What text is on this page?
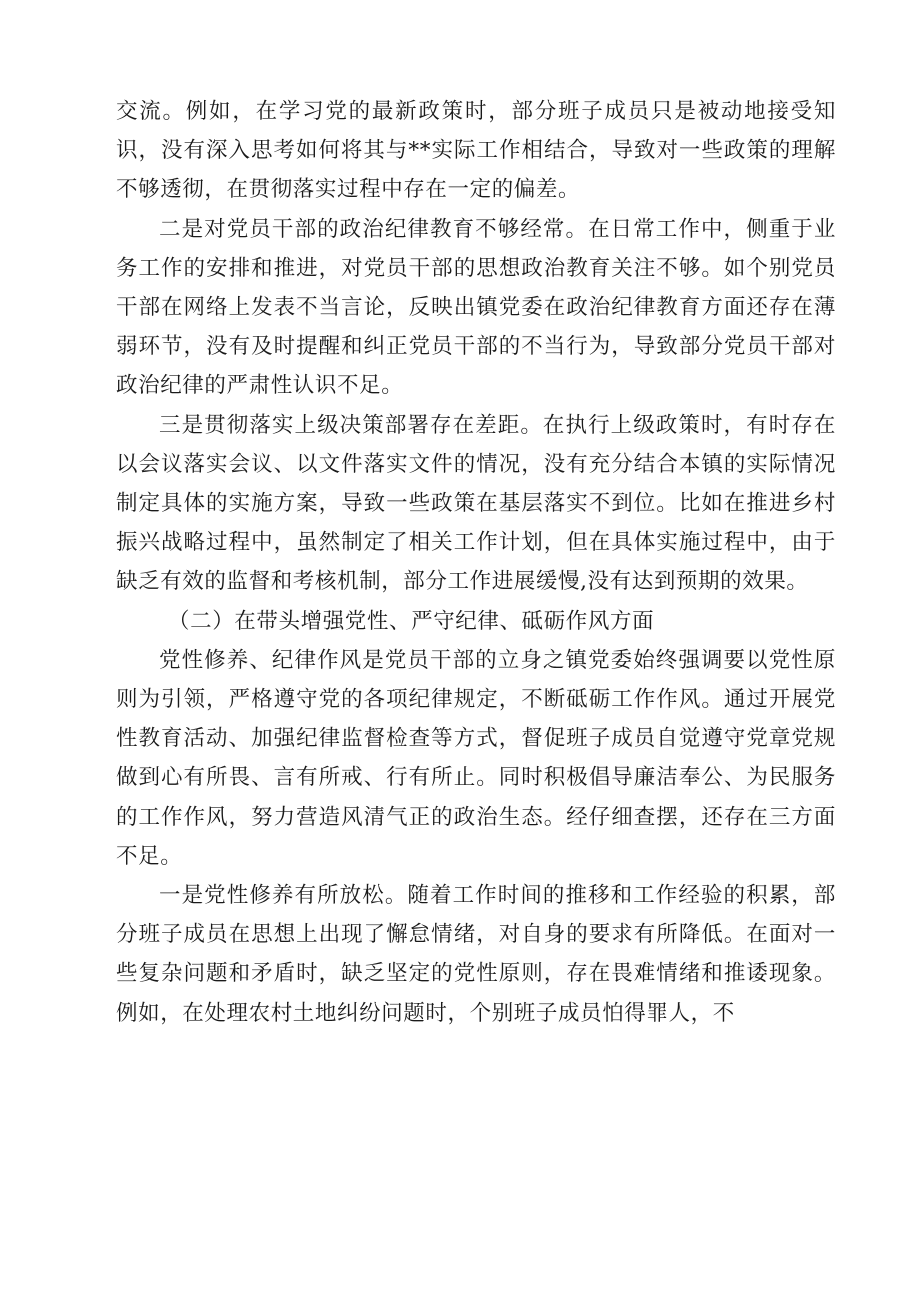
交流。例如，在学习党的最新政策时，部分班子成员只是被动地接受知识，没有深入思考如何将其与**实际工作相结合，导致对一些政策的理解不够透彻，在贯彻落实过程中存在一定的偏差。

二是对党员干部的政治纪律教育不够经常。在日常工作中，侧重于业务工作的安排和推进，对党员干部的思想政治教育关注不够。如个别党员干部在网络上发表不当言论，反映出镇党委在政治纪律教育方面还存在薄弱环节，没有及时提醒和纠正党员干部的不当行为，导致部分党员干部对政治纪律的严肃性认识不足。

三是贯彻落实上级决策部署存在差距。在执行上级政策时，有时存在以会议落实会议、以文件落实文件的情况，没有充分结合本镇的实际情况制定具体的实施方案，导致一些政策在基层落实不到位。比如在推进乡村振兴战略过程中，虽然制定了相关工作计划，但在具体实施过程中，由于缺乏有效的监督和考核机制，部分工作进展缓慢,没有达到预期的效果。

（二）在带头增强党性、严守纪律、砥砺作风方面

党性修养、纪律作风是党员干部的立身之镇党委始终强调要以党性原则为引领，严格遵守党的各项纪律规定，不断砥砺工作作风。通过开展党性教育活动、加强纪律监督检查等方式，督促班子成员自觉遵守党章党规做到心有所畏、言有所戒、行有所止。同时积极倡导廉洁奉公、为民服务的工作作风，努力营造风清气正的政治生态。经仔细查摆，还存在三方面不足。

一是党性修养有所放松。随着工作时间的推移和工作经验的积累，部分班子成员在思想上出现了懈怠情绪，对自身的要求有所降低。在面对一些复杂问题和矛盾时，缺乏坚定的党性原则，存在畏难情绪和推诿现象。例如，在处理农村土地纠纷问题时，个别班子成员怕得罪人，不
